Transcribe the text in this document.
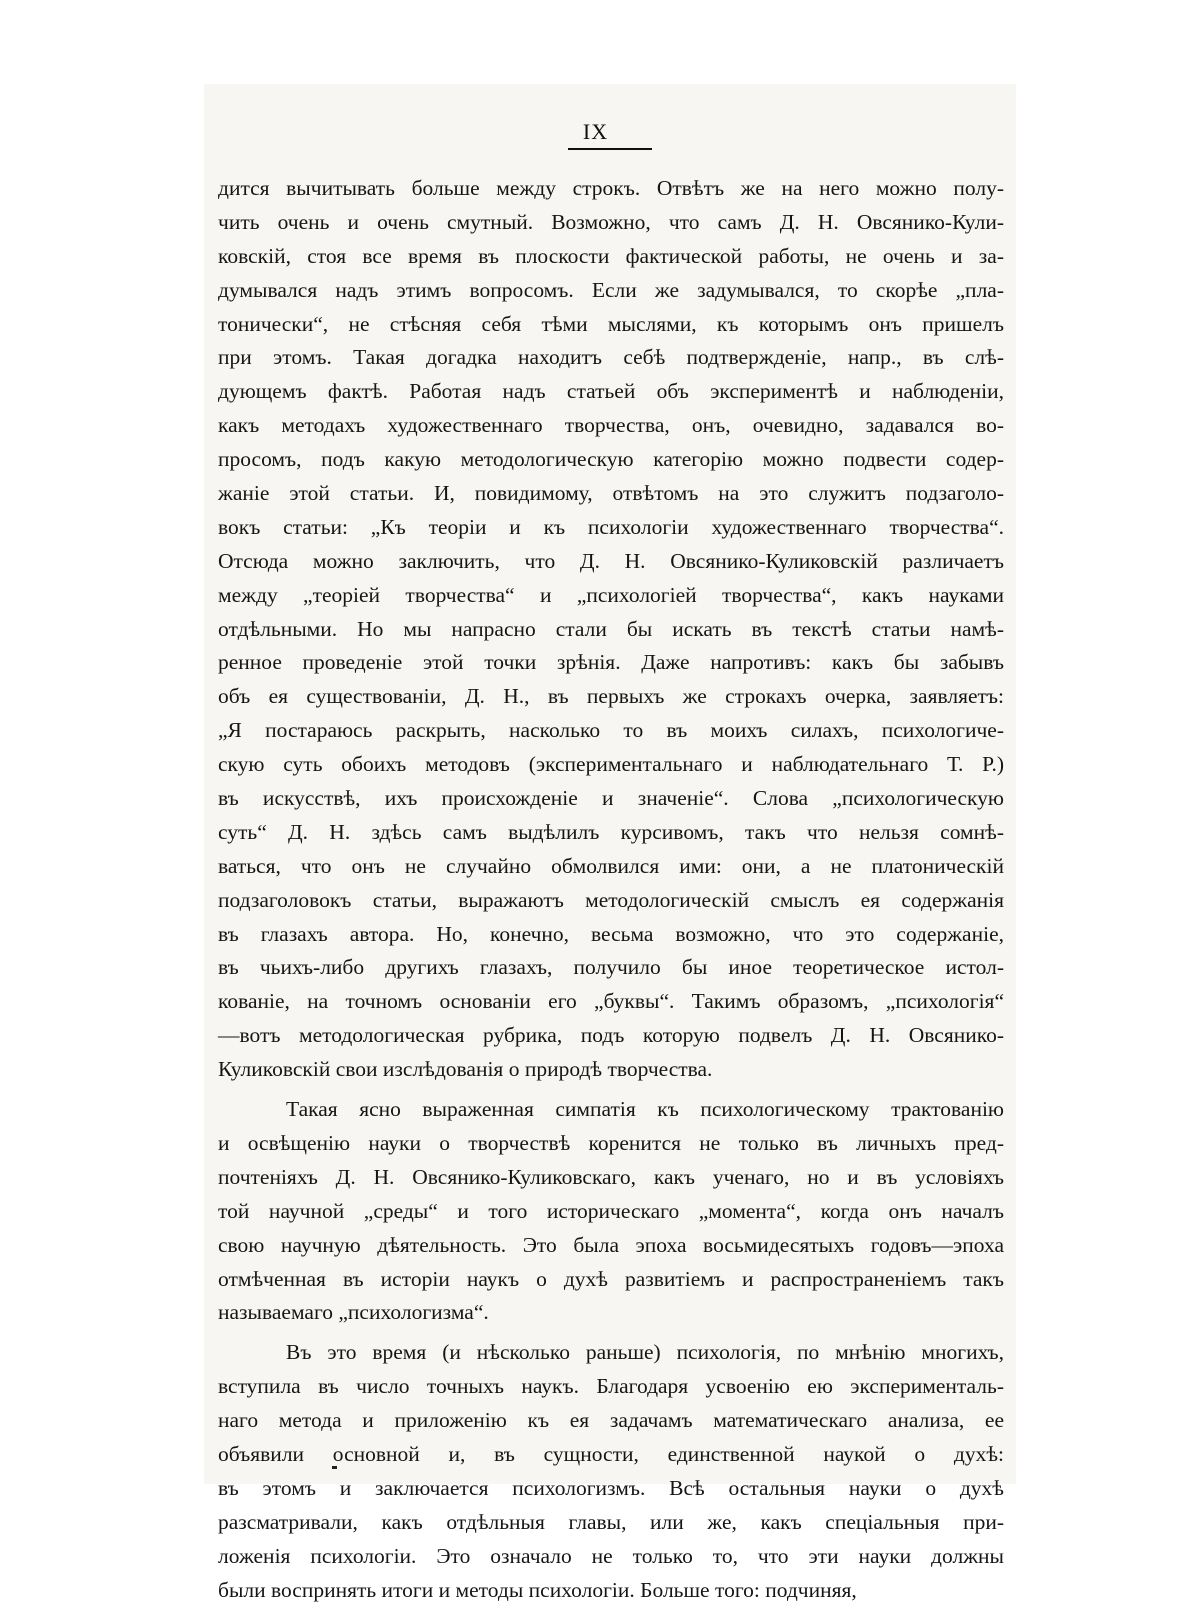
IX
дится вычитывать больше между строкъ. Отвѣтъ же на него можно полу-
чить очень и очень смутный. Возможно, что самъ Д. Н. Овсянико-Кули-
ковскій, стоя все время въ плоскости фактической работы, не очень и за-
думывался надъ этимъ вопросомъ. Если же задумывался, то скорѣе „пла-
тонически“, не стѣсняя себя тѣми мыслями, къ которымъ онъ пришелъ
при этомъ. Такая догадка находитъ себѣ подтвержденіе, напр., въ слѣ-
дующемъ фактѣ. Работая надъ статьей объ экспериментѣ и наблюденіи,
какъ методахъ художественнаго творчества, онъ, очевидно, задавался во-
просомъ, подъ какую методологическую категорію можно подвести содер-
жаніе этой статьи. И, повидимому, отвѣтомъ на это служитъ подзаголо-
вокъ статьи: „Къ теоріи и къ психологіи художественнаго творчества“.
Отсюда можно заключить, что Д. Н. Овсянико-Куликовскій различаетъ
между „теоріей творчества“ и „психологіей творчества“, какъ науками
отдѣльными. Но мы напрасно стали бы искать въ текстѣ статьи намѣ-
ренное проведеніе этой точки зрѣнія. Даже напротивъ: какъ бы забывъ
объ ея существованіи, Д. Н., въ первыхъ же строкахъ очерка, заявляетъ:
„Я постараюсь раскрыть, насколько то въ моихъ силахъ, психологиче-
скую суть обоихъ методовъ (экспериментальнаго и наблюдательнаго Т. Р.)
въ искусствѣ, ихъ происхожденіе и значеніе“. Слова „психологическую
суть“ Д. Н. здѣсь самъ выдѣлилъ курсивомъ, такъ что нельзя сомнѣ-
ваться, что онъ не случайно обмолвился ими: они, а не платоническій
подзаголовокъ статьи, выражаютъ методологическій смыслъ ея содержанія
въ глазахъ автора. Но, конечно, весьма возможно, что это содержаніе,
въ чьихъ-либо другихъ глазахъ, получило бы иное теоретическое истол-
кованіе, на точномъ основаніи его „буквы“. Такимъ образомъ, „психологія“
—вотъ методологическая рубрика, подъ которую подвелъ Д. Н. Овсянико-
Куликовскій свои изслѣдованія о природѣ творчества.
Такая ясно выраженная симпатія къ психологическому трактованію
и освѣщенію науки о творчествѣ коренится не только въ личныхъ пред-
почтеніяхъ Д. Н. Овсянико-Куликовскаго, какъ ученаго, но и въ условіяхъ
той научной „среды“ и того историческаго „момента“, когда онъ началъ
свою научную дѣятельность. Это была эпоха восьмидесятыхъ годовъ—эпоха
отмѣченная въ исторіи наукъ о духѣ развитіемъ и распространеніемъ такъ
называемаго „психологизма“.
Въ это время (и нѣсколько раньше) психологія, по мнѣнію многихъ,
вступила въ число точныхъ наукъ. Благодаря усвоенію ею эксперименталь-
наго метода и приложенію къ ея задачамъ математическаго анализа, ее
объявили основной и, въ сущности, единственной наукой о духѣ:
въ этомъ и заключается психологизмъ. Всѣ остальныя науки о духѣ
разсматривали, какъ отдѣльныя главы, или же, какъ спеціальныя при-
ложенія психологіи. Это означало не только то, что эти науки должны
были воспринять итоги и методы психологіи. Больше того: подчиняя,
